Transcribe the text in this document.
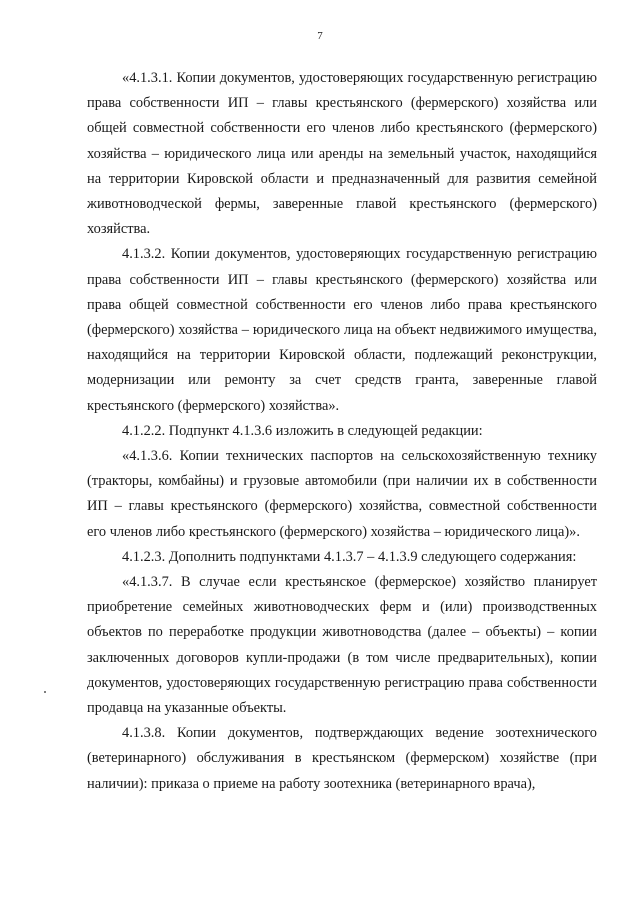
7

«4.1.3.1. Копии документов, удостоверяющих государственную регистрацию права собственности ИП – главы крестьянского (фермерского) хозяйства или общей совместной собственности его членов либо крестьянского (фермерского) хозяйства – юридического лица или аренды на земельный участок, находящийся на территории Кировской области и предназначенный для развития семейной животноводческой фермы, заверенные главой крестьянского (фермерского) хозяйства.

4.1.3.2. Копии документов, удостоверяющих государственную регистрацию права собственности ИП – главы крестьянского (фермерского) хозяйства или права общей совместной собственности его членов либо права крестьянского (фермерского) хозяйства – юридического лица на объект недвижимого имущества, находящийся на территории Кировской области, подлежащий реконструкции, модернизации или ремонту за счет средств гранта, заверенные главой крестьянского (фермерского) хозяйства».

4.1.2.2. Подпункт 4.1.3.6 изложить в следующей редакции:

«4.1.3.6. Копии технических паспортов на сельскохозяйственную технику (тракторы, комбайны) и грузовые автомобили (при наличии их в собственности ИП – главы крестьянского (фермерского) хозяйства, совместной собственности его членов либо крестьянского (фермерского) хозяйства – юридического лица)».

4.1.2.3. Дополнить подпунктами 4.1.3.7 – 4.1.3.9 следующего содержания:

«4.1.3.7. В случае если крестьянское (фермерское) хозяйство планирует приобретение семейных животноводческих ферм и (или) производственных объектов по переработке продукции животноводства (далее – объекты) – копии заключенных договоров купли-продажи (в том числе предварительных), копии документов, удостоверяющих государственную регистрацию права собственности продавца на указанные объекты.

4.1.3.8. Копии документов, подтверждающих ведение зоотехнического (ветеринарного) обслуживания в крестьянском (фермерском) хозяйстве (при наличии): приказа о приеме на работу зоотехника (ветеринарного врача),
